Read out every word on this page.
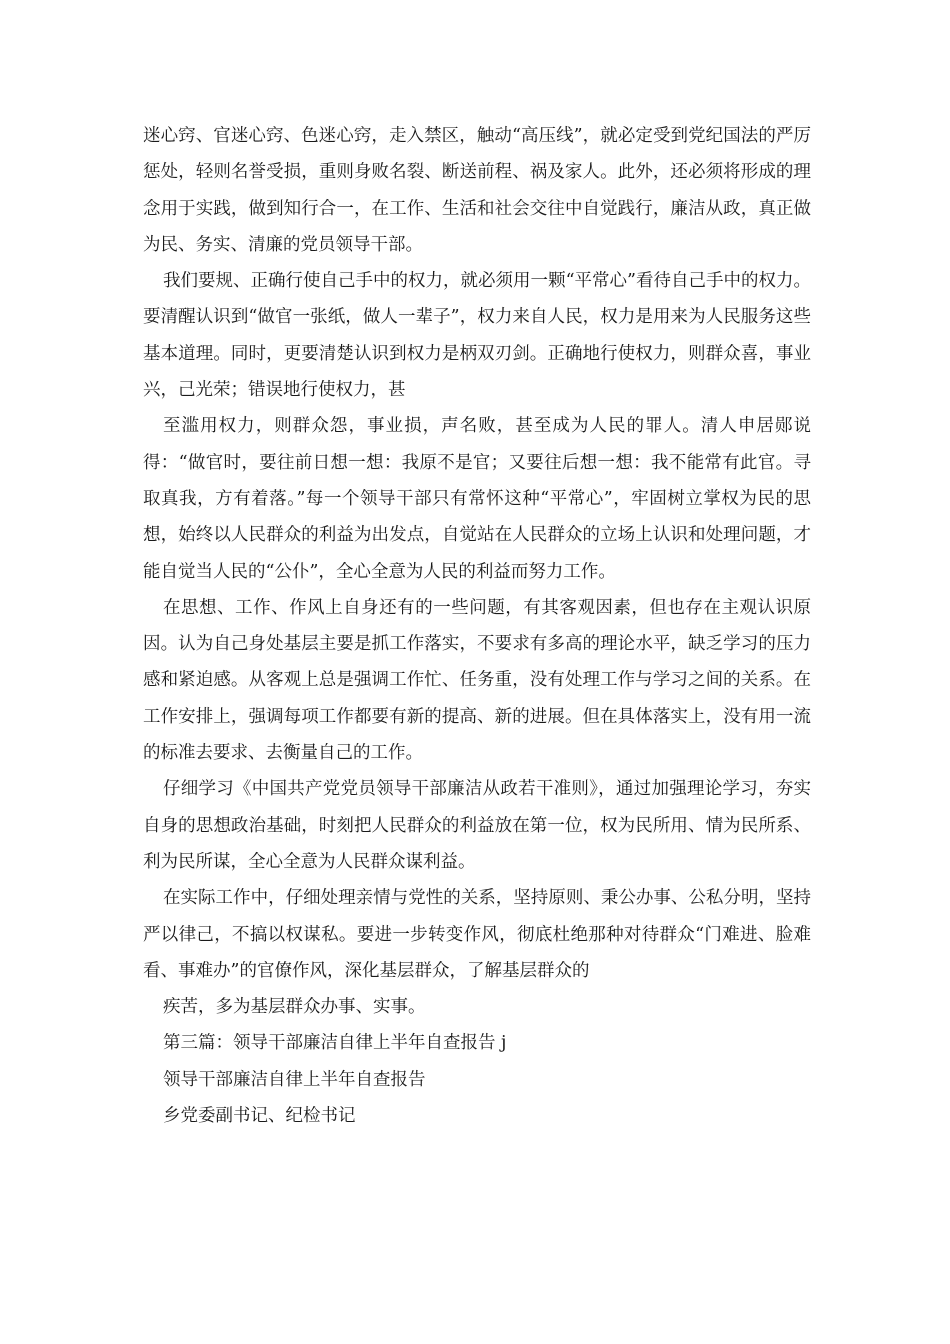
迷心窍、官迷心窍、色迷心窍，走入禁区，触动“高压线”，就必定受到党纪国法的严厉惩处，轻则名誉受损，重则身败名裂、断送前程、祸及家人。此外，还必须将形成的理念用于实践，做到知行合一，在工作、生活和社会交往中自觉践行，廉洁从政，真正做为民、务实、清廉的党员领导干部。

我们要规、正确行使自己手中的权力，就必须用一颗“平常心”看待自己手中的权力。要清醒认识到“做官一张纸，做人一辈子”，权力来自人民，权力是用来为人民服务这些基本道理。同时，更要清楚认识到权力是柄双刃剑。正确地行使权力，则群众喜，事业兴，己光荣；错误地行使权力，甚

至滥用权力，则群众怨，事业损，声名败，甚至成为人民的罪人。清人申居郧说得：“做官时，要往前日想一想：我原不是官；又要往后想一想：我不能常有此官。寻取真我，方有着落。”每一个领导干部只有常怀这种“平常心”，牢固树立掌权为民的思想，始终以人民群众的利益为出发点，自觉站在人民群众的立场上认识和处理问题，才能自觉当人民的“公仆”，全心全意为人民的利益而努力工作。

在思想、工作、作风上自身还有的一些问题，有其客观因素，但也存在主观认识原因。认为自己身处基层主要是抓工作落实，不要求有多高的理论水平，缺乏学习的压力感和紧迫感。从客观上总是强调工作忙、任务重，没有处理工作与学习之间的关系。在工作安排上，强调每项工作都要有新的提高、新的进展。但在具体落实上，没有用一流的标准去要求、去衡量自己的工作。

仔细学习《中国共产党党员领导干部廉洁从政若干准则》，通过加强理论学习，夯实自身的思想政治基础，时刻把人民群众的利益放在第一位，权为民所用、情为民所系、利为民所谋，全心全意为人民群众谋利益。

在实际工作中，仔细处理亲情与党性的关系，坚持原则、秉公办事、公私分明，坚持严以律己，不搞以权谋私。要进一步转变作风，彻底杜绝那种对待群众“门难进、脸难看、事难办”的官僚作风，深化基层群众，了解基层群众的

疾苦，多为基层群众办事、实事。

第三篇：领导干部廉洁自律上半年自查报告 j

领导干部廉洁自律上半年自查报告

乡党委副书记、纪检书记
